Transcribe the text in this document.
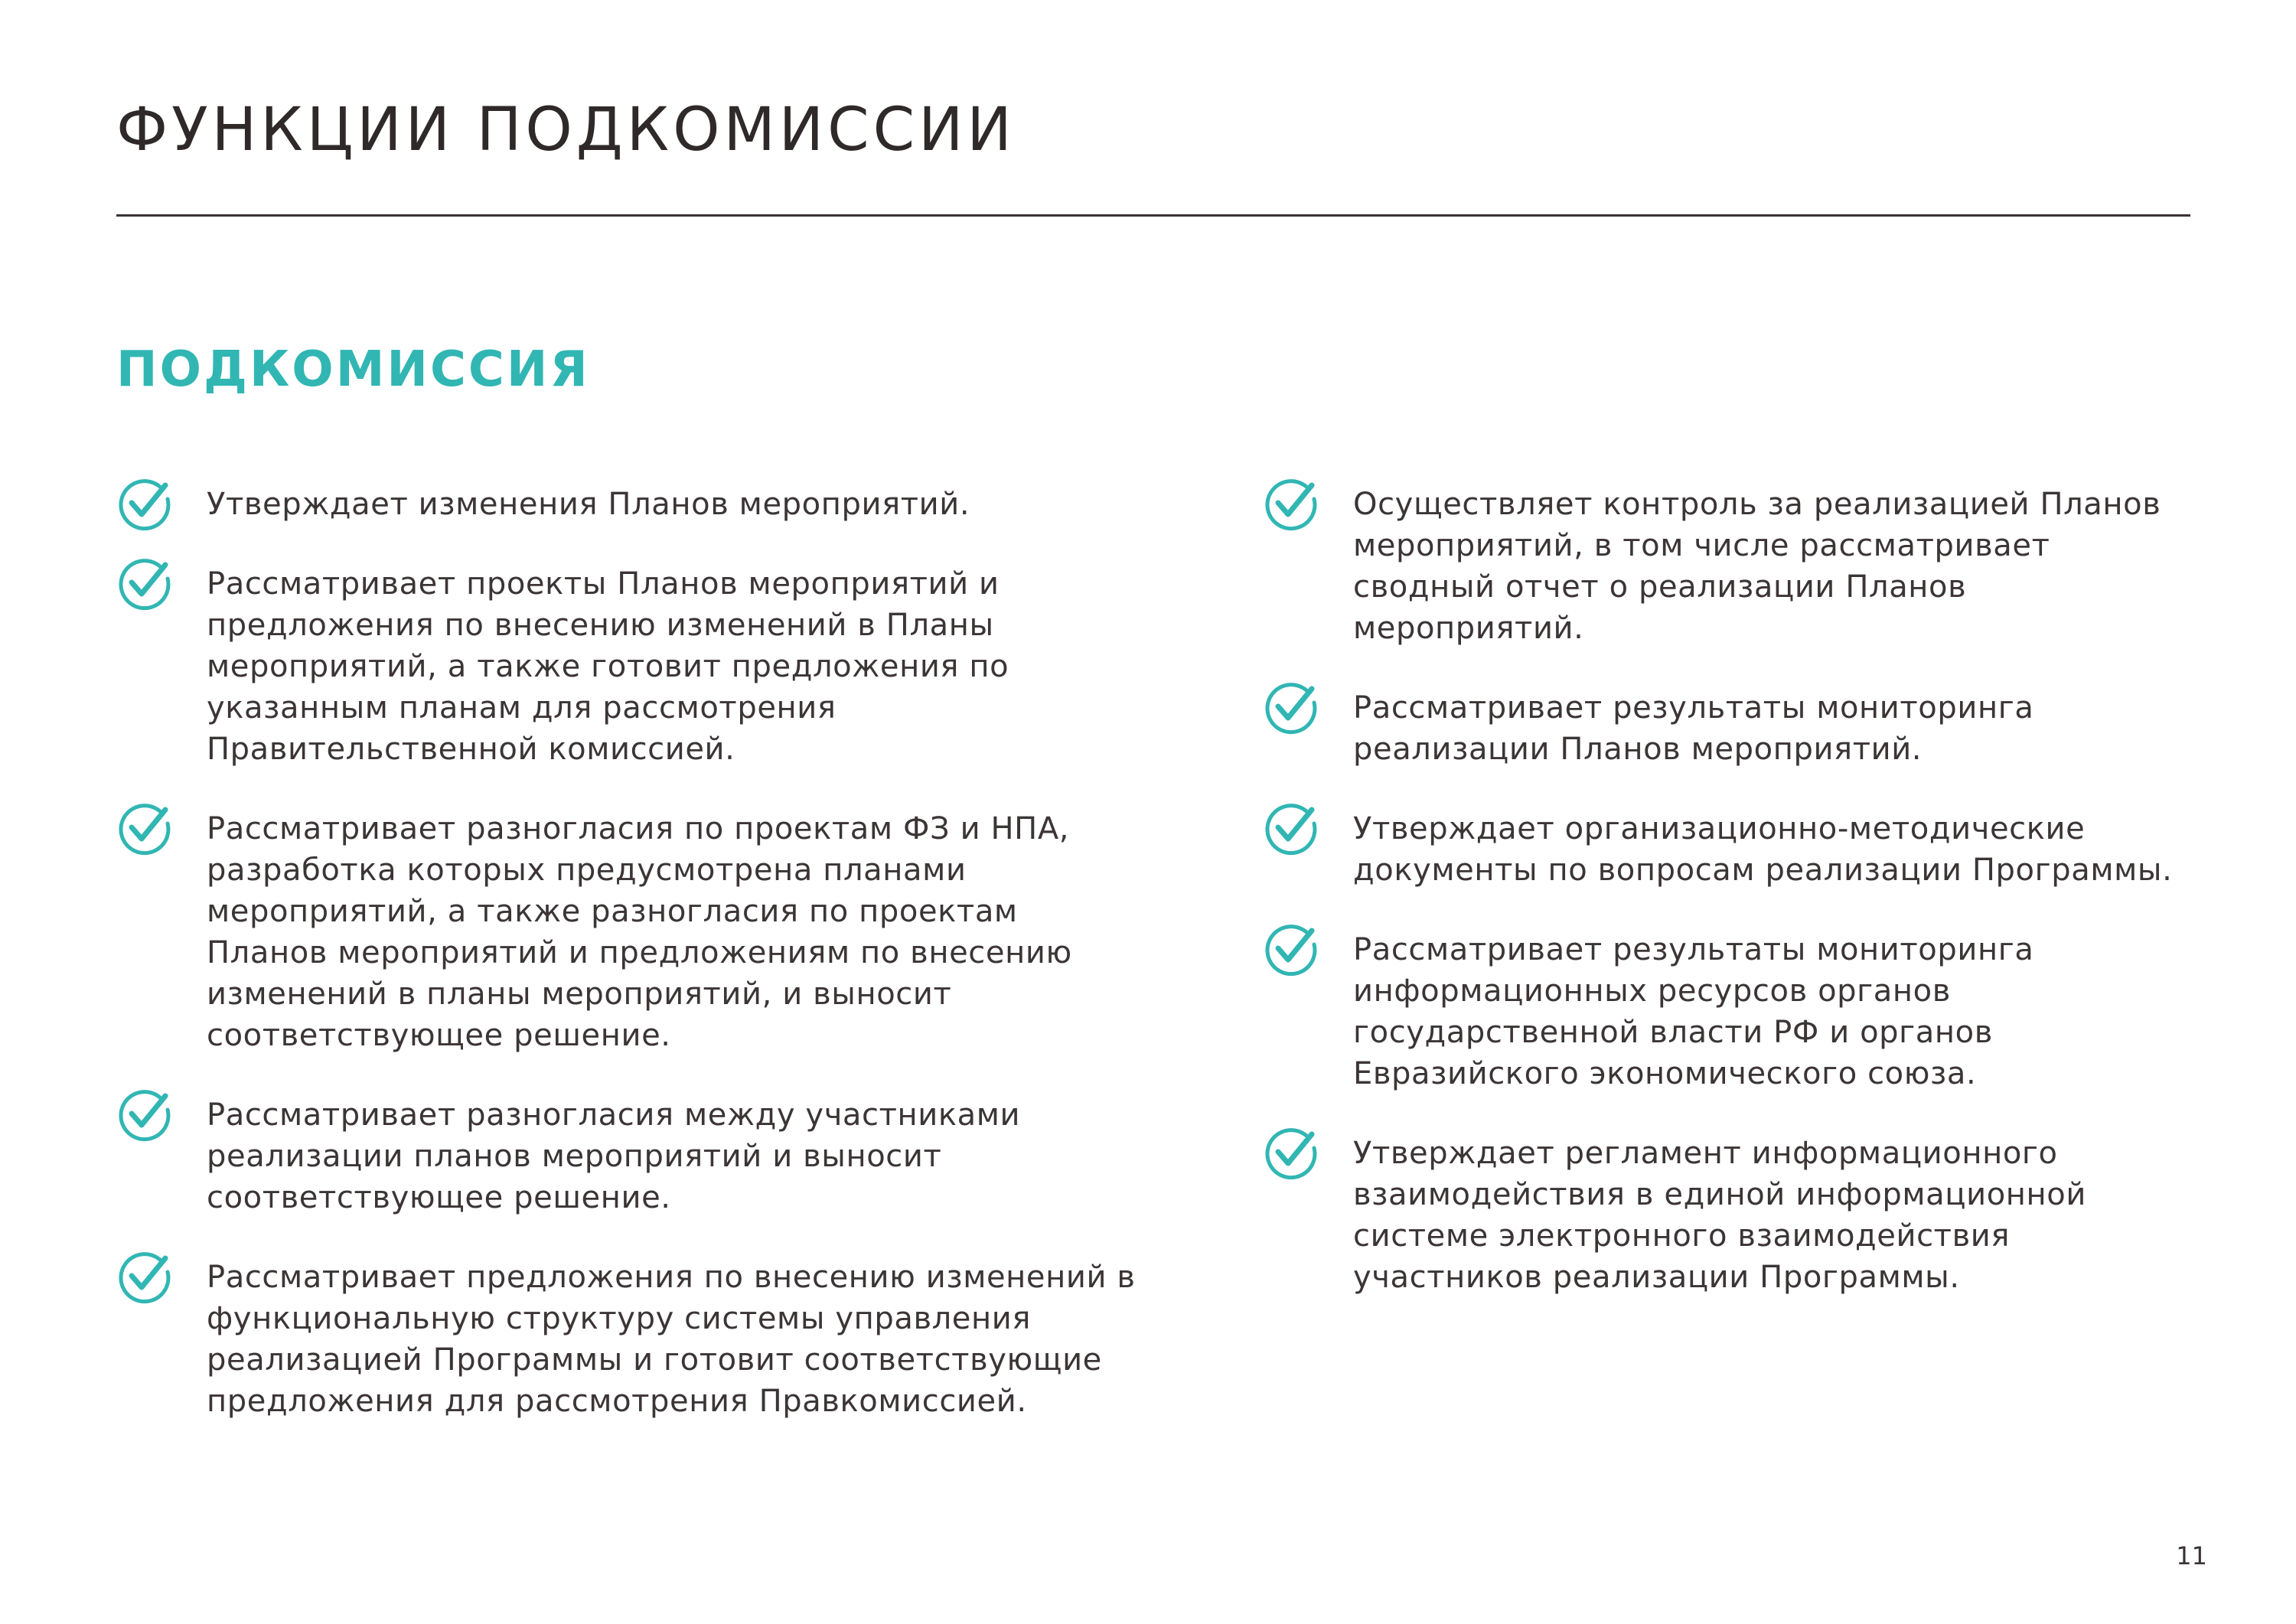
ФУНКЦИИ ПОДКОМИССИИ
ПОДКОМИССИЯ
Утверждает изменения Планов мероприятий.
Рассматривает проекты Планов мероприятий и предложения по внесению изменений в Планы мероприятий, а также готовит предложения по указанным планам для рассмотрения Правительственной комиссией.
Рассматривает разногласия по проектам ФЗ и НПА, разработка которых предусмотрена планами мероприятий, а также разногласия по проектам Планов мероприятий и предложениям по внесению изменений в планы мероприятий, и выносит соответствующее решение.
Рассматривает разногласия между участниками реализации планов мероприятий и выносит соответствующее решение.
Рассматривает предложения по внесению изменений в функциональную структуру системы управления реализацией Программы и готовит соответствующие предложения для рассмотрения Правкомиссией.
Осуществляет контроль за реализацией Планов мероприятий, в том числе рассматривает сводный отчет о реализации Планов мероприятий.
Рассматривает результаты мониторинга реализации Планов мероприятий.
Утверждает организационно-методические документы по вопросам реализации Программы.
Рассматривает результаты мониторинга информационных ресурсов органов государственной власти РФ и органов Евразийского экономического союза.
Утверждает регламент информационного взаимодействия в единой информационной системе электронного взаимодействия участников реализации Программы.
11
